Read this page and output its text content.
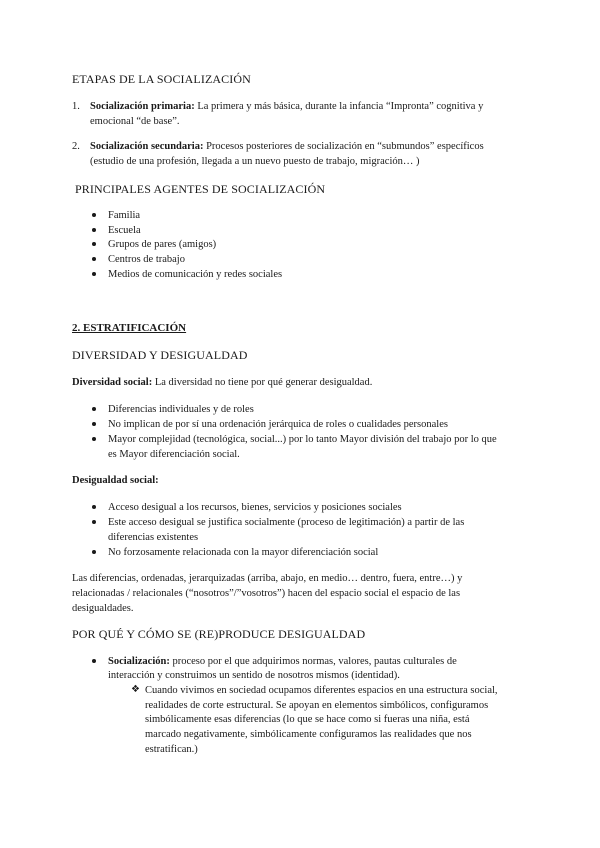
ETAPAS DE LA SOCIALIZACIÓN
1. Socialización primaria: La primera y más básica, durante la infancia “Impronta” cognitiva y
emocional “de base”.
2. Socialización secundaria: Procesos posteriores de socialización en “submundos” específicos
(estudio de una profesión, llegada a un nuevo puesto de trabajo, migración… )
PRINCIPALES AGENTES DE SOCIALIZACIÓN
Familia
Escuela
Grupos de pares (amigos)
Centros de trabajo
Medios de comunicación y redes sociales
2. ESTRATIFICACIÓN
DIVERSIDAD Y DESIGUALDAD
Diversidad social: La diversidad no tiene por qué generar desigualdad.
Diferencias individuales y de roles
No implican de por sí una ordenación jerárquica de roles o cualidades personales
Mayor complejidad (tecnológica, social...) por lo tanto Mayor división del trabajo por lo que
es Mayor diferenciación social.
Desigualdad social:
Acceso desigual a los recursos, bienes, servicios y posiciones sociales
Este acceso desigual se justifica socialmente (proceso de legitimación) a partir de las
diferencias existentes
No forzosamente relacionada con la mayor diferenciación social
Las diferencias, ordenadas, jerarquizadas (arriba, abajo, en medio… dentro, fuera, entre…) y
relacionadas / relacionales (“nosotros”/”vosotros”) hacen del espacio social el espacio de las
desigualdades.
POR QUÉ Y CÓMO SE (RE)PRODUCE DESIGUALDAD
Socialización: proceso por el que adquirimos normas, valores, pautas culturales de
interacción y construimos un sentido de nosotros mismos (identidad).
❖ Cuando vivimos en sociedad ocupamos diferentes espacios en una estructura social,
realidades de corte estructural. Se apoyan en elementos simbólicos, configuramos
simbólicamente esas diferencias (lo que se hace como si fueras una niña, está
marcado negativamente, simbólicamente configuramos las realidades que nos
estratifican.)
